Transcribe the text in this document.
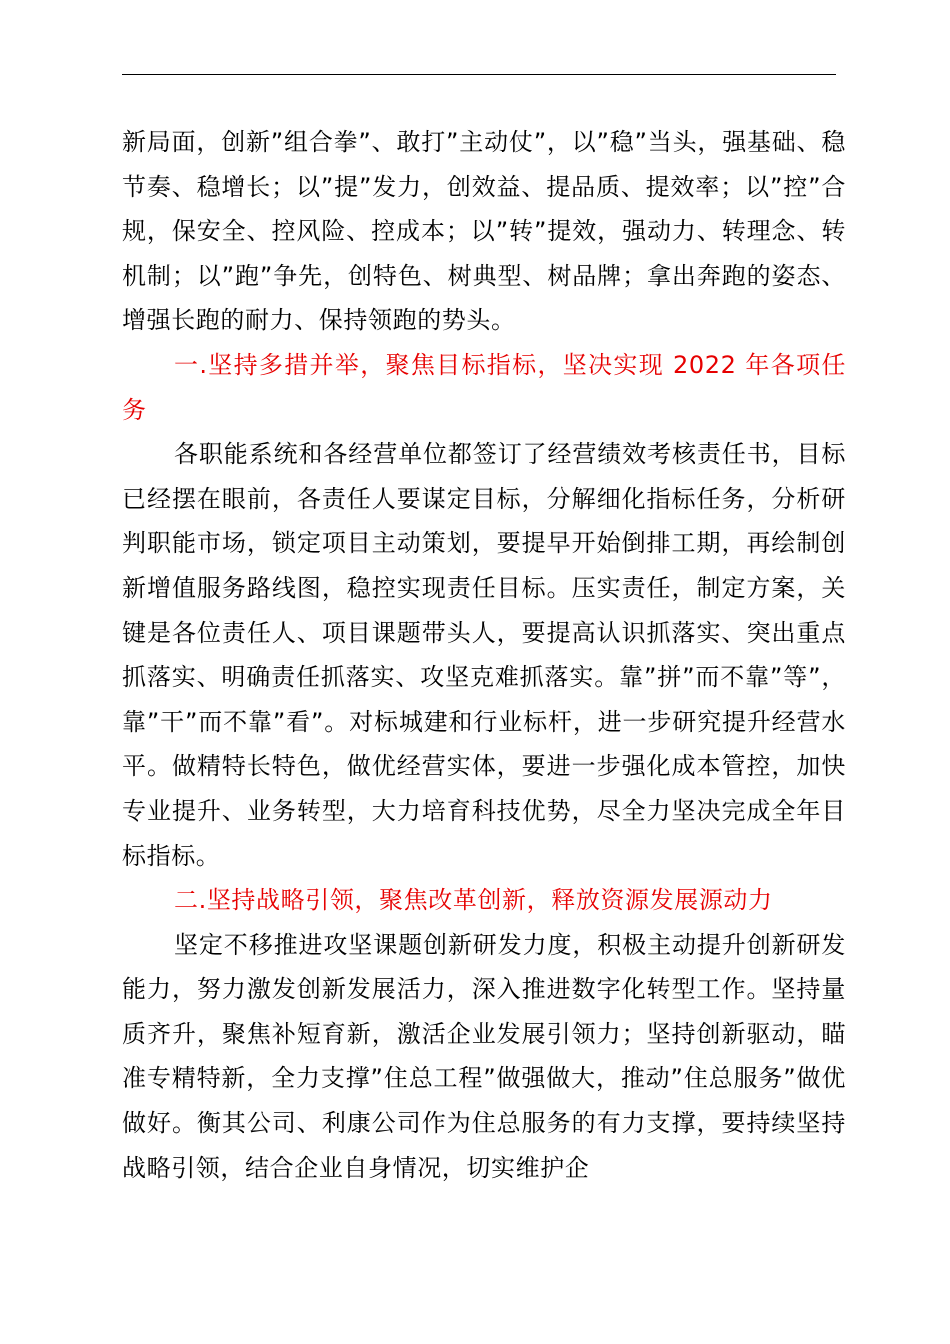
新局面，创新”组合拳”、敢打”主动仗”，以”稳”当头，强基础、稳节奏、稳增长；以”提”发力，创效益、提品质、提效率；以”控”合规，保安全、控风险、控成本；以”转”提效，强动力、转理念、转机制；以”跑”争先，创特色、树典型、树品牌；拿出奔跑的姿态、增强长跑的耐力、保持领跑的势头。

一.坚持多措并举，聚焦目标指标，坚决实现 2022 年各项任务

各职能系统和各经营单位都签订了经营绩效考核责任书，目标已经摆在眼前，各责任人要谋定目标，分解细化指标任务，分析研判职能市场，锁定项目主动策划，要提早开始倒排工期，再绘制创新增值服务路线图，稳控实现责任目标。压实责任，制定方案，关键是各位责任人、项目课题带头人，要提高认识抓落实、突出重点抓落实、明确责任抓落实、攻坚克难抓落实。靠”拼”而不靠”等”，靠”干”而不靠”看”。对标城建和行业标杆，进一步研究提升经营水平。做精特长特色，做优经营实体，要进一步强化成本管控，加快专业提升、业务转型，大力培育科技优势，尽全力坚决完成全年目标指标。

二.坚持战略引领，聚焦改革创新，释放资源发展源动力

坚定不移推进攻坚课题创新研发力度，积极主动提升创新研发能力，努力激发创新发展活力，深入推进数字化转型工作。坚持量质齐升，聚焦补短育新，激活企业发展引领力；坚持创新驱动，瞄准专精特新，全力支撑”住总工程”做强做大，推动”住总服务”做优做好。衡其公司、利康公司作为住总服务的有力支撑，要持续坚持战略引领，结合企业自身情况，切实维护企
